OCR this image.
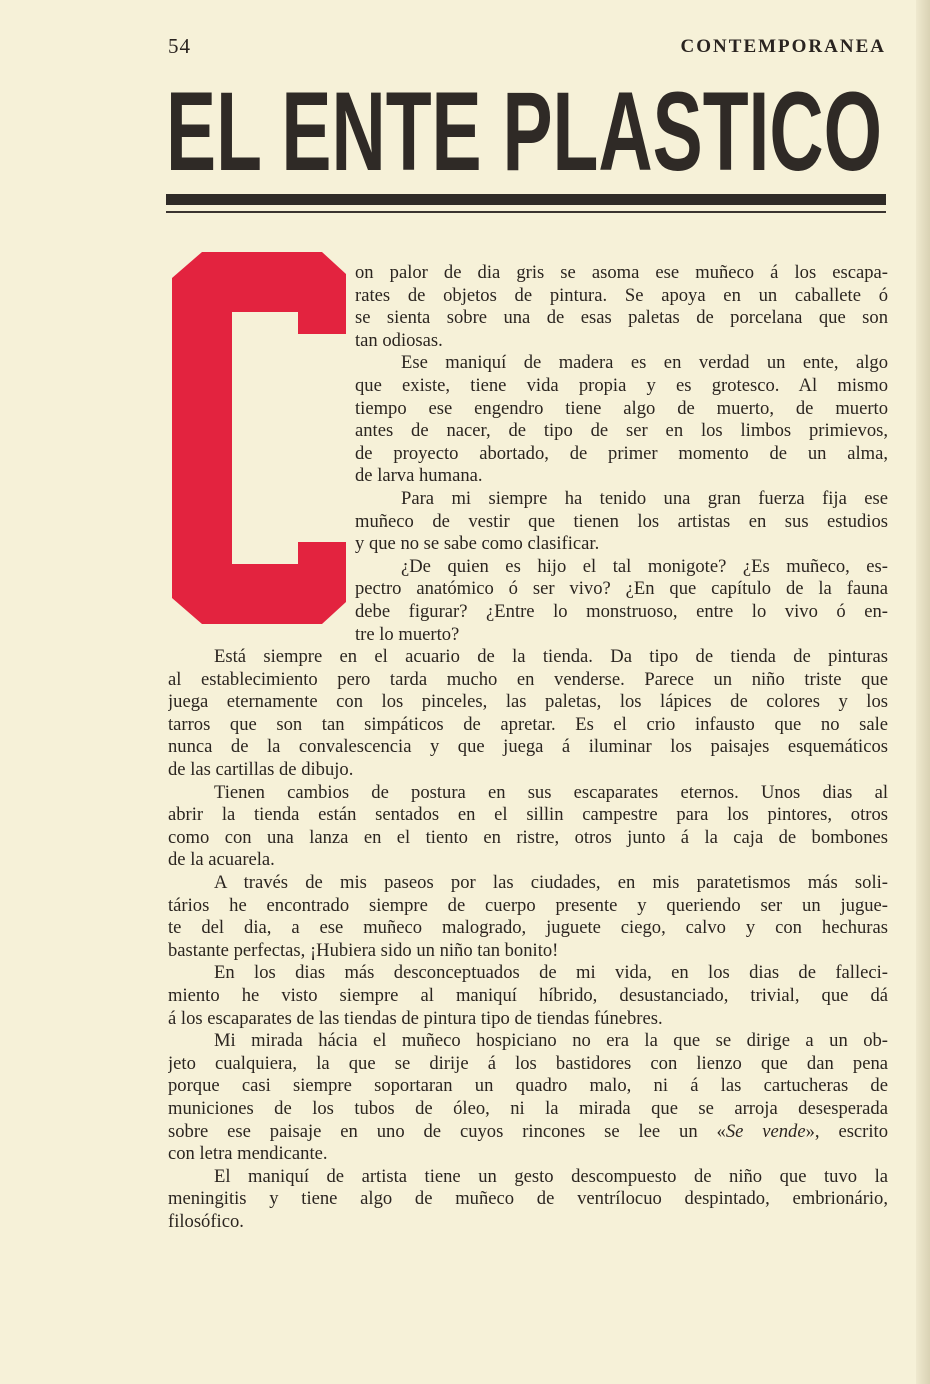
54	CONTEMPORANEA
EL ENTE PLASTICO
on palor de dia gris se asoma ese muñeco á los escapa-
rates de objetos de pintura. Se apoya en un caballete ó
se sienta sobre una de esas paletas de porcelana que son
tan odiosas.
Ese maniquí de madera es en verdad un ente, algo
que existe, tiene vida propia y es grotesco. Al mismo
tiempo ese engendro tiene algo de muerto, de muerto
antes de nacer, de tipo de ser en los limbos primievos,
de proyecto abortado, de primer momento de un alma,
de larva humana.
Para mi siempre ha tenido una gran fuerza fija ese
muñeco de vestir que tienen los artistas en sus estudios
y que no se sabe como clasificar.
¿De quien es hijo el tal monigote? ¿Es muñeco, es-
pectro anatómico ó ser vivo? ¿En que capítulo de la fauna
debe figurar? ¿Entre lo monstruoso, entre lo vivo ó en-
tre lo muerto?
Está siempre en el acuario de la tienda. Da tipo de tienda de pinturas
al establecimiento pero tarda mucho en venderse. Parece un niño triste que
juega eternamente con los pinceles, las paletas, los lápices de colores y los
tarros que son tan simpáticos de apretar. Es el crio infausto que no sale
nunca de la convalescencia y que juega á iluminar los paisajes esquemáticos
de las cartillas de dibujo.
Tienen cambios de postura en sus escaparates eternos. Unos dias al
abrir la tienda están sentados en el sillin campestre para los pintores, otros
como con una lanza en el tiento en ristre, otros junto á la caja de bombones
de la acuarela.
A través de mis paseos por las ciudades, en mis paratetismos más soli-
tários he encontrado siempre de cuerpo presente y queriendo ser un jugue-
te del dia, a ese muñeco malogrado, juguete ciego, calvo y con hechuras
bastante perfectas, ¡Hubiera sido un niño tan bonito!
En los dias más desconceptuados de mi vida, en los dias de falleci-
miento he visto siempre al maniquí híbrido, desustanciado, trivial, que dá
á los escaparates de las tiendas de pintura tipo de tiendas fúnebres.
Mi mirada hácia el muñeco hospiciano no era la que se dirige a un ob-
jeto cualquiera, la que se dirije á los bastidores con lienzo que dan pena
porque casi siempre soportaran un quadro malo, ni á las cartucheras de
municiones de los tubos de óleo, ni la mirada que se arroja desesperada
sobre ese paisaje en uno de cuyos rincones se lee un «Se vende», escrito
con letra mendicante.
El maniquí de artista tiene un gesto descompuesto de niño que tuvo la
meningitis y tiene algo de muñeco de ventrílocuo despintado, embrionário,
filosófico.
